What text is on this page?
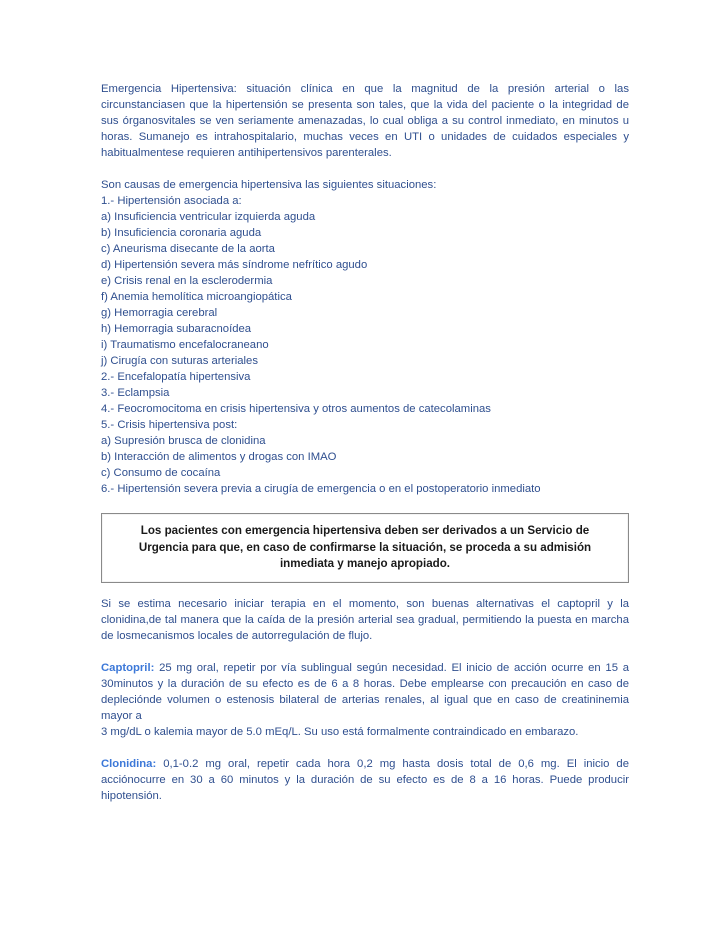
Emergencia Hipertensiva: situación clínica en que la magnitud de la presión arterial o las circunstanciasen que la hipertensión se presenta son tales, que la vida del paciente o la integridad de sus órganosvitales se ven seriamente amenazadas, lo cual obliga a su control inmediato, en minutos u horas. Sumanejo es intrahospitalario, muchas veces en UTI o unidades de cuidados especiales y habitualmentese requieren antihipertensivos parenterales.

Son causas de emergencia hipertensiva las siguientes situaciones:

1.- Hipertensión asociada a:

a) Insuficiencia ventricular izquierda aguda

b) Insuficiencia coronaria aguda

c) Aneurisma disecante de la aorta

d) Hipertensión severa más síndrome nefrítico agudo

e) Crisis renal en la esclerodermia

f) Anemia hemolítica microangiopática

g) Hemorragia cerebral

h) Hemorragia subaracnoídea

i) Traumatismo encefalocraneano

j) Cirugía con suturas arteriales

2.- Encefalopatía hipertensiva

3.- Eclampsia

4.- Feocromocitoma en crisis hipertensiva y otros aumentos de catecolaminas

5.- Crisis hipertensiva post:

a) Supresión brusca de clonidina

b) Interacción de alimentos y drogas con IMAO

c) Consumo de cocaína

6.- Hipertensión severa previa a cirugía de emergencia o en el postoperatorio inmediato

Los pacientes con emergencia hipertensiva deben ser derivados a un Servicio de Urgencia para que, en caso de confirmarse la situación, se proceda a su admisión inmediata y manejo apropiado.

Si se estima necesario iniciar terapia en el momento, son buenas alternativas el captopril y la clonidina,de tal manera que la caída de la presión arterial sea gradual, permitiendo la puesta en marcha de losmecanismos locales de autorregulación de flujo.

Captopril: 25 mg oral, repetir por vía sublingual según necesidad. El inicio de acción ocurre en 15 a 30minutos y la duración de su efecto es de 6 a 8 horas. Debe emplearse con precaución en caso de depleciónde volumen o estenosis bilateral de arterias renales, al igual que en caso de creatininemia mayor a

3 mg/dL o kalemia mayor de 5.0 mEq/L. Su uso está formalmente contraindicado en embarazo.

Clonidina: 0,1-0.2 mg oral, repetir cada hora 0,2 mg hasta dosis total de 0,6 mg. El inicio de acciónocurre en 30 a 60 minutos y la duración de su efecto es de 8 a 16 horas. Puede producir hipotensión.
